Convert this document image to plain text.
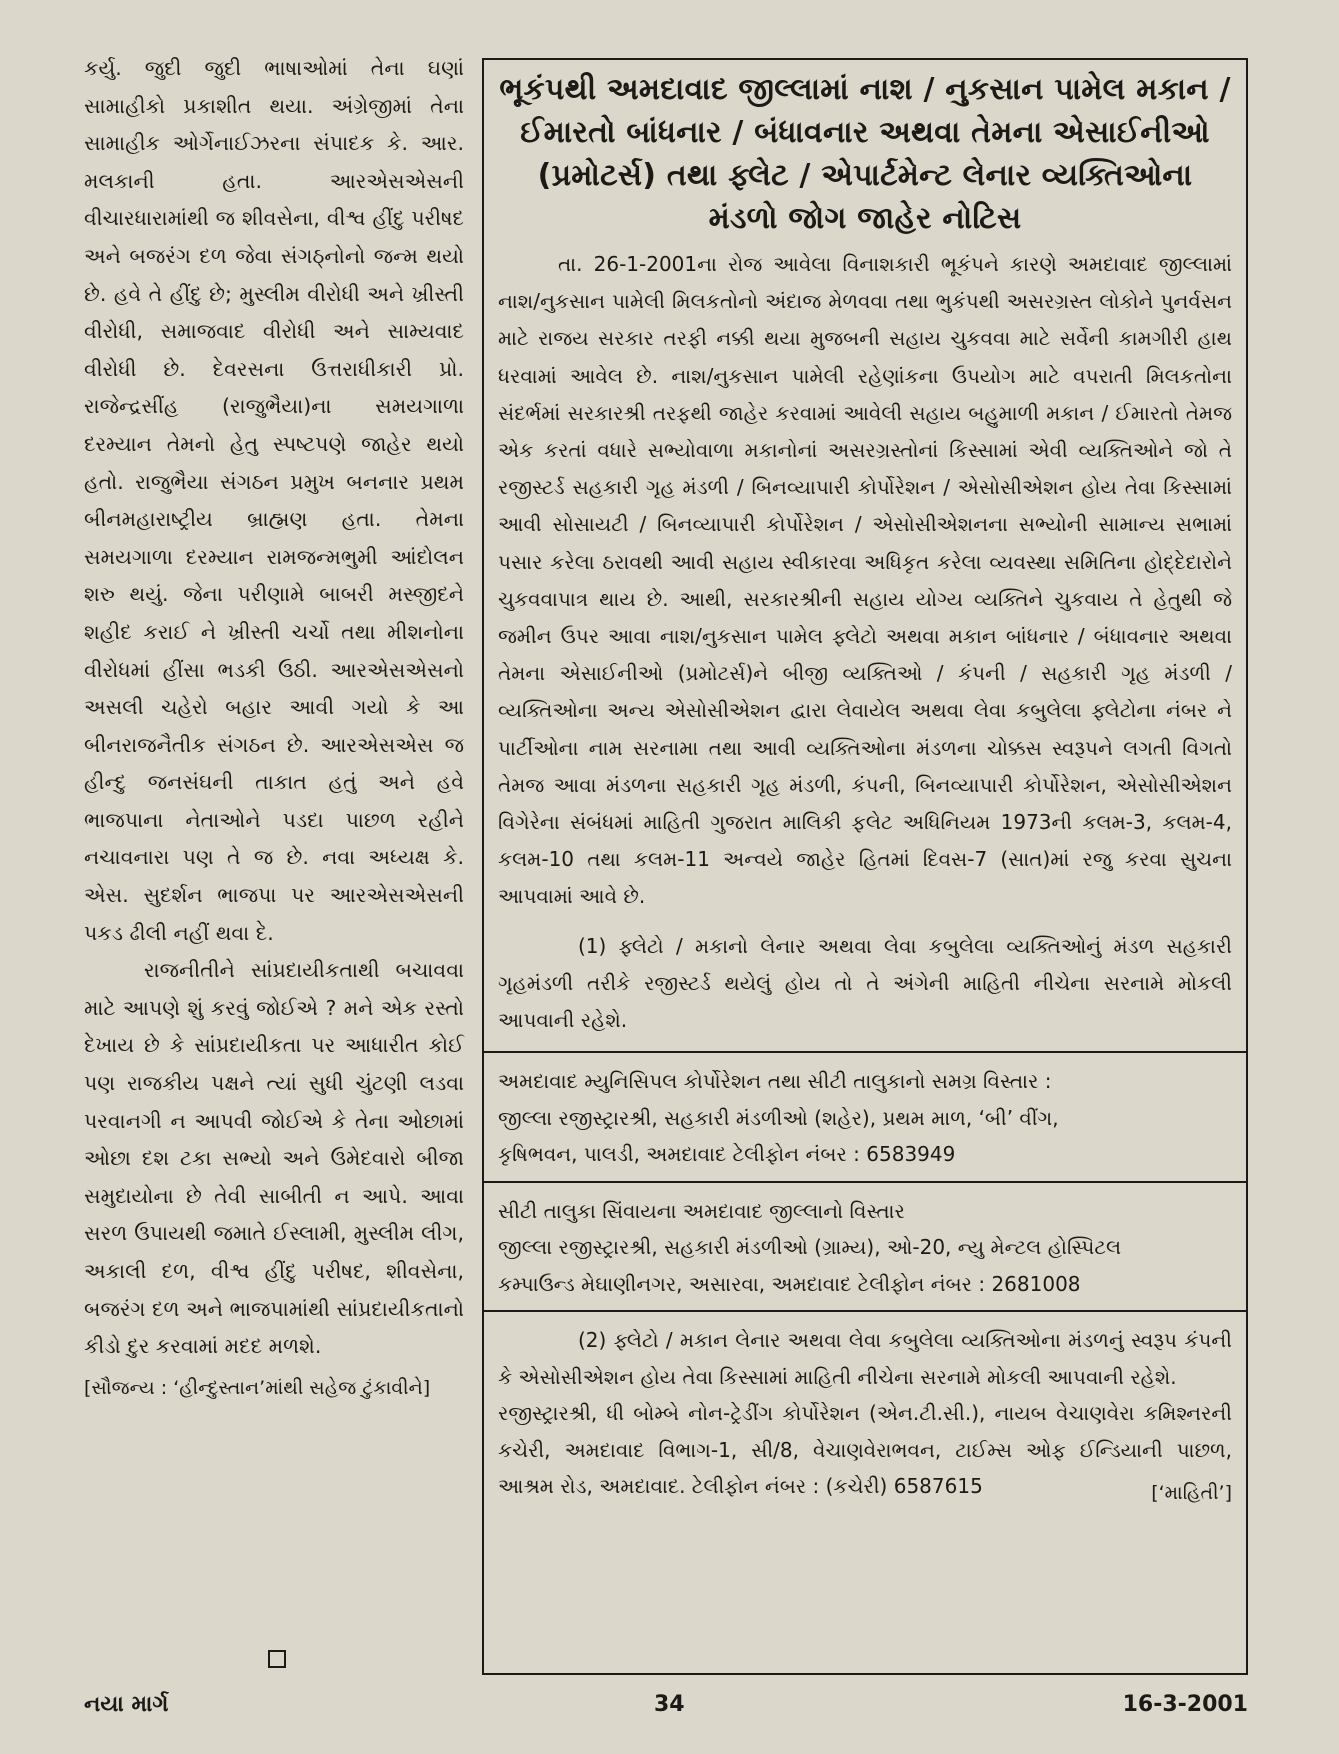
કર્યુ. જુદી જુદી ભાષાઓમાં તેના ઘણાં સામાહીકો પ્રકાશીત થયા. અંગ્રેજીમાં તેના સામાહીક ઓર્ગેનાઈઝરના સંપાદક કે. આર. મલકાની હતા. આરએસએસની વીચારધારામાંથી જ શીવસેના, વીશ્વ હીંદુ પરીષદ અને બજરંગ દળ જેવા સંગઠ્નોનો જન્મ થયો છે. હવે તે હીંદુ છે; મુસ્લીમ વીરોધી અને ખ્રીસ્તી વીરોધી, સમાજવાદ વીરોધી અને સામ્યવાદ વીરોધી છે. દેવરસના ઉત્તરાધીકારી પ્રો. રાજેન્દ્રસીંહ (રાજુભૈયા)ના સમયગાળા દરમ્યાન તેમનો હેતુ સ્પષ્ટપણે જાહેર થયો હતો. રાજુભૈયા સંગઠન પ્રમુખ બનનાર પ્રથમ બીનમહારાષ્ટ્રીય બ્રાહ્મણ હતા. તેમના સમયગાળા દરમ્યાન રામજન્મભુમી આંદોલન શરુ થયું. જેના પરીણામે બાબરી મસ્જીદને શહીદ કરાઈ ને ખ્રીસ્તી ચર્ચો તથા મીશનોના વીરોધમાં હીંસા ભડકી ઉઠી. આરએસએસનો અસલી ચહેરો બહાર આવી ગયો કે આ બીનરાજનૈતીક સંગઠન છે. આરએસએસ જ હીન્દુ જનસંઘની તાકાત હતું અને હવે ભાજપાના નેતાઓને પડદા પાછળ રહીને નચાવનારા પણ તે જ છે. નવા અધ્યક્ષ કે. એસ. સુદર્શન ભાજપા પર આરએસએસની પકડ ઢીલી નહીં થવા દે.

રાજનીતીને સાંપ્રદાયીકતાથી બચાવવા માટે આપણે શું કરવું જોઈએ ? મને એક રસ્તો દેખાય છે કે સાંપ્રદાયીકતા પર આધારીત કોઈ પણ રાજકીય પક્ષને ત્યાં સુધી ચુંટણી લડવા પરવાનગી ન આપવી જોઈએ કે તેના ઓછામાં ઓછા દશ ટકા સભ્યો અને ઉમેદવારો બીજા સમુદાયોના છે તેવી સાબીતી ન આપે. આવા સરળ ઉપાયથી જમાતે ઈસ્લામી, મુસ્લીમ લીગ, અકાલી દળ, વીશ્વ હીંદુ પરીષદ, શીવસેના, બજરંગ દળ અને ભાજપામાંથી સાંપ્રદાયીકતાનો કીડો દુર કરવામાં મદદ મળશે.

[સૌજન્ય : ‘હીન્દુસ્તાન’માંથી સહેજ ટુંકાવીને]

ભૂકંપથી અમદાવાદ જીલ્લામાં નાશ / નુકસાન પામેલ મકાન / ઈમારતો બાંધનાર / બંધાવનાર અથવા તેમના એસાઈનીઓ (પ્રમોટર્સ) તથા ફ્લેટ / એપાર્ટમેન્ટ લેનાર વ્યક્તિઓના મંડળો જોગ જાહેર નોટિસ

તા. 26-1-2001ના રોજ આવેલા વિનાશકારી ભૂકંપને કારણે અમદાવાદ જીલ્લામાં નાશ/નુકસાન પામેલી મિલકતોનો અંદાજ મેળવવા તથા ભુકંપથી અસરગ્રસ્ત લોકોને પુનર્વસન માટે રાજય સરકાર તરફી નક્કી થયા મુજબની સહાય ચુકવવા માટે સર્વેની કામગીરી હાથ ધરવામાં આવેલ છે. નાશ/નુકસાન પામેલી રહેણાંકના ઉપયોગ માટે વપરાતી મિલકતોના સંદર્ભમાં સરકારશ્રી તરફથી જાહેર કરવામાં આવેલી સહાય બહુમાળી મકાન / ઈમારતો તેમજ એક કરતાં વધારે સભ્યોવાળા મકાનોનાં અસરગ્રસ્તોનાં કિસ્સામાં એવી વ્યક્તિઓને જો તે રજીસ્ટર્ડ સહકારી ગૃહ મંડળી / બિનવ્યાપારી કોર્પોરેશન / એસોસીએશન હોય તેવા કિસ્સામાં આવી સોસાયટી / બિનવ્યાપારી કોર્પોરેશન / એસોસીએશનના સભ્યોની સામાન્ય સભામાં પસાર કરેલા ઠરાવથી આવી સહાય સ્વીકારવા અધિકૃત કરેલા વ્યવસ્થા સમિતિના હોદ્દેદારોને ચુકવવાપાત્ર થાય છે. આથી, સરકારશ્રીની સહાય યોગ્ય વ્યક્તિને ચુકવાય તે હેતુથી જે જમીન ઉપર આવા નાશ/નુકસાન પામેલ ફ્લેટો અથવા મકાન બાંધનાર / બંધાવનાર અથવા તેમના એસાઈનીઓ (પ્રમોટર્સ)ને બીજી વ્યક્તિઓ / કંપની / સહકારી ગૃહ મંડળી / વ્યક્તિઓના અન્ય એસોસીએશન દ્વારા લેવાયેલ અથવા લેવા કબુલેલા ફ્લેટોના નંબર ને પાર્ટીઓના નામ સરનામા તથા આવી વ્યક્તિઓના મંડળના ચોક્કસ સ્વરૂપને લગતી વિગતો તેમજ આવા મંડળના સહકારી ગૃહ મંડળી, કંપની, બિનવ્યાપારી કોર્પોરેશન, એસોસીએશન વિગેરેના સંબંધમાં માહિતી ગુજરાત માલિકી ફલેટ અધિનિયમ 1973ની કલમ-3, કલમ-4, કલમ-10 તથા કલમ-11 અન્વયે જાહેર હિતમાં દિવસ-7 (સાત)માં રજુ કરવા સુચના આપવામાં આવે છે.

(1) ફ્લેટો / મકાનો લેનાર અથવા લેવા કબુલેલા વ્યક્તિઓનું મંડળ સહકારી ગૃહમંડળી તરીકે રજીસ્ટર્ડ થયેલું હોય તો તે અંગેની માહિતી નીચેના સરનામે મોકલી આપવાની રહેશે.

અમદાવાદ મ્યુનિસિપલ કોર્પોરેશન તથા સીટી તાલુકાનો સમગ્ર વિસ્તાર :

જીલ્લા રજીસ્ટ્રારશ્રી, સહકારી મંડળીઓ (શહેર), પ્રથમ માળ, ‘બી’ વીંગ,

કૃષિભવન, પાલડી, અમદાવાદ ટેલીફોન નંબર : 6583949

સીટી તાલુકા સિંવાયના અમદાવાદ જીલ્લાનો વિસ્તાર

જીલ્લા રજીસ્ટ્રારશ્રી, સહકારી મંડળીઓ (ગ્રામ્ય), ઓ-20, ન્યુ મેન્ટલ હોસ્પિટલ

કમ્પાઉન્ડ મેઘાણીનગર, અસારવા, અમદાવાદ ટેલીફોન નંબર : 2681008

(2) ફ્લેટો / મકાન લેનાર અથવા લેવા કબુલેલા વ્યક્તિઓના મંડળનું સ્વરૂપ કંપની કે એસોસીએશન હોય તેવા કિસ્સામાં માહિતી નીચેના સરનામે મોકલી આપવાની રહેશે.

રજીસ્ટ્રારશ્રી, ધી બોમ્બે નોન-ટ્રેડીંગ કોર્પોરેશન (એન.ટી.સી.), નાયબ વેચાણવેરા કમિશ્નરની કચેરી, અમદાવાદ વિભાગ-1, સી/8, વેચાણવેરાભવન, ટાઈમ્સ ઓફ ઈન્ડિયાની પાછળ, આશ્રમ રોડ, અમદાવાદ. ટેલીફોન નંબર : (કચેરી) 6587615	[‘માહિતી’]
નયા માર્ગ	34	16-3-2001
